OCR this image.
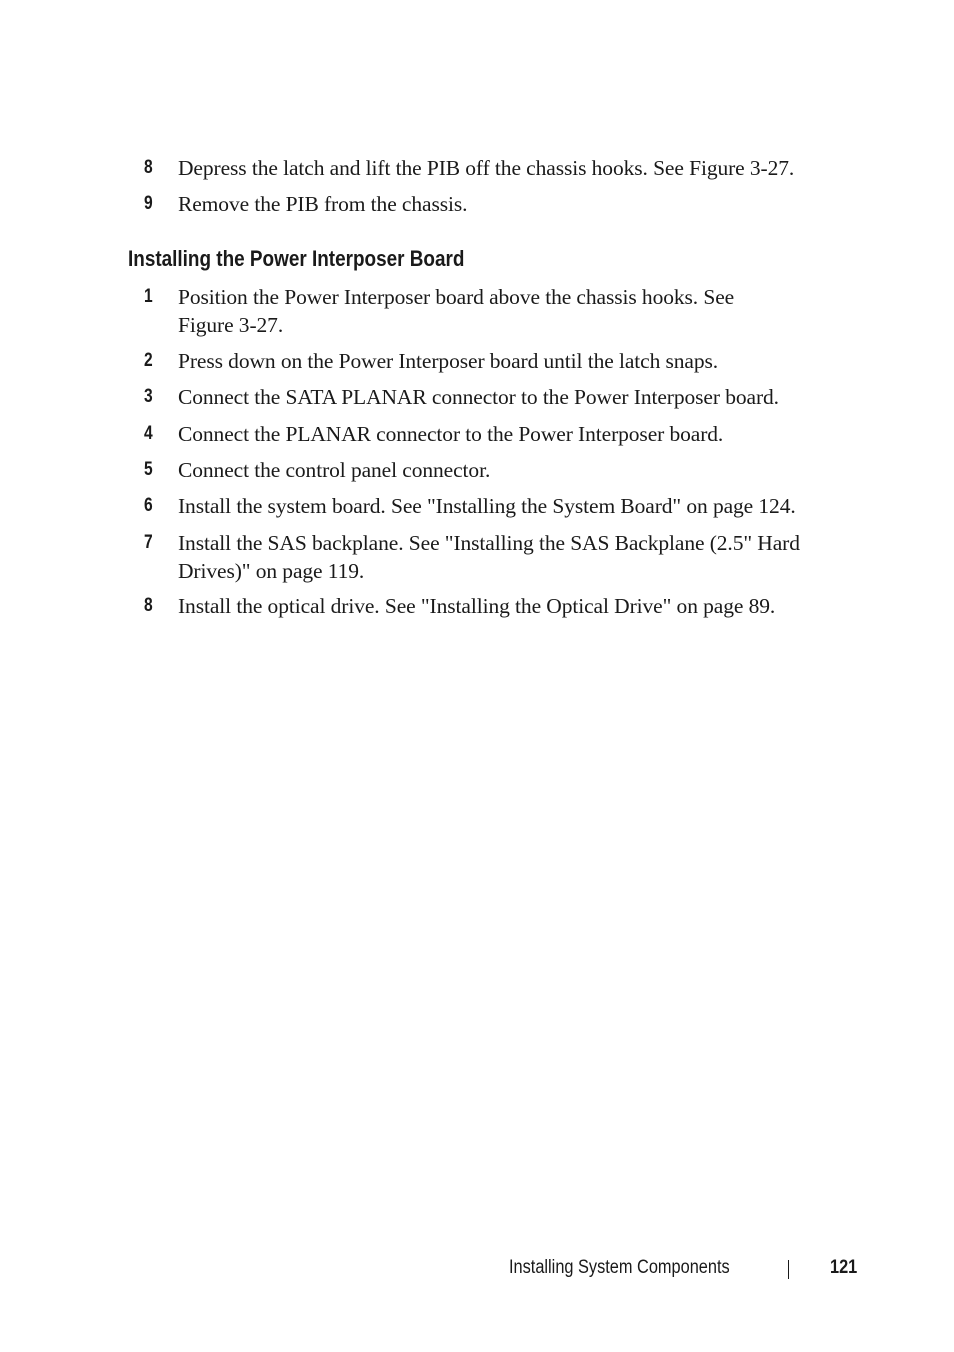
8	Depress the latch and lift the PIB off the chassis hooks. See Figure 3-27.
9	Remove the PIB from the chassis.
Installing the Power Interposer Board
1	Position the Power Interposer board above the chassis hooks. See Figure 3-27.
2	Press down on the Power Interposer board until the latch snaps.
3	Connect the SATA PLANAR connector to the Power Interposer board.
4	Connect the PLANAR connector to the Power Interposer board.
5	Connect the control panel connector.
6	Install the system board. See "Installing the System Board" on page 124.
7	Install the SAS backplane. See "Installing the SAS Backplane (2.5" Hard Drives)" on page 119.
8	Install the optical drive. See "Installing the Optical Drive" on page 89.
Installing System Components	121
